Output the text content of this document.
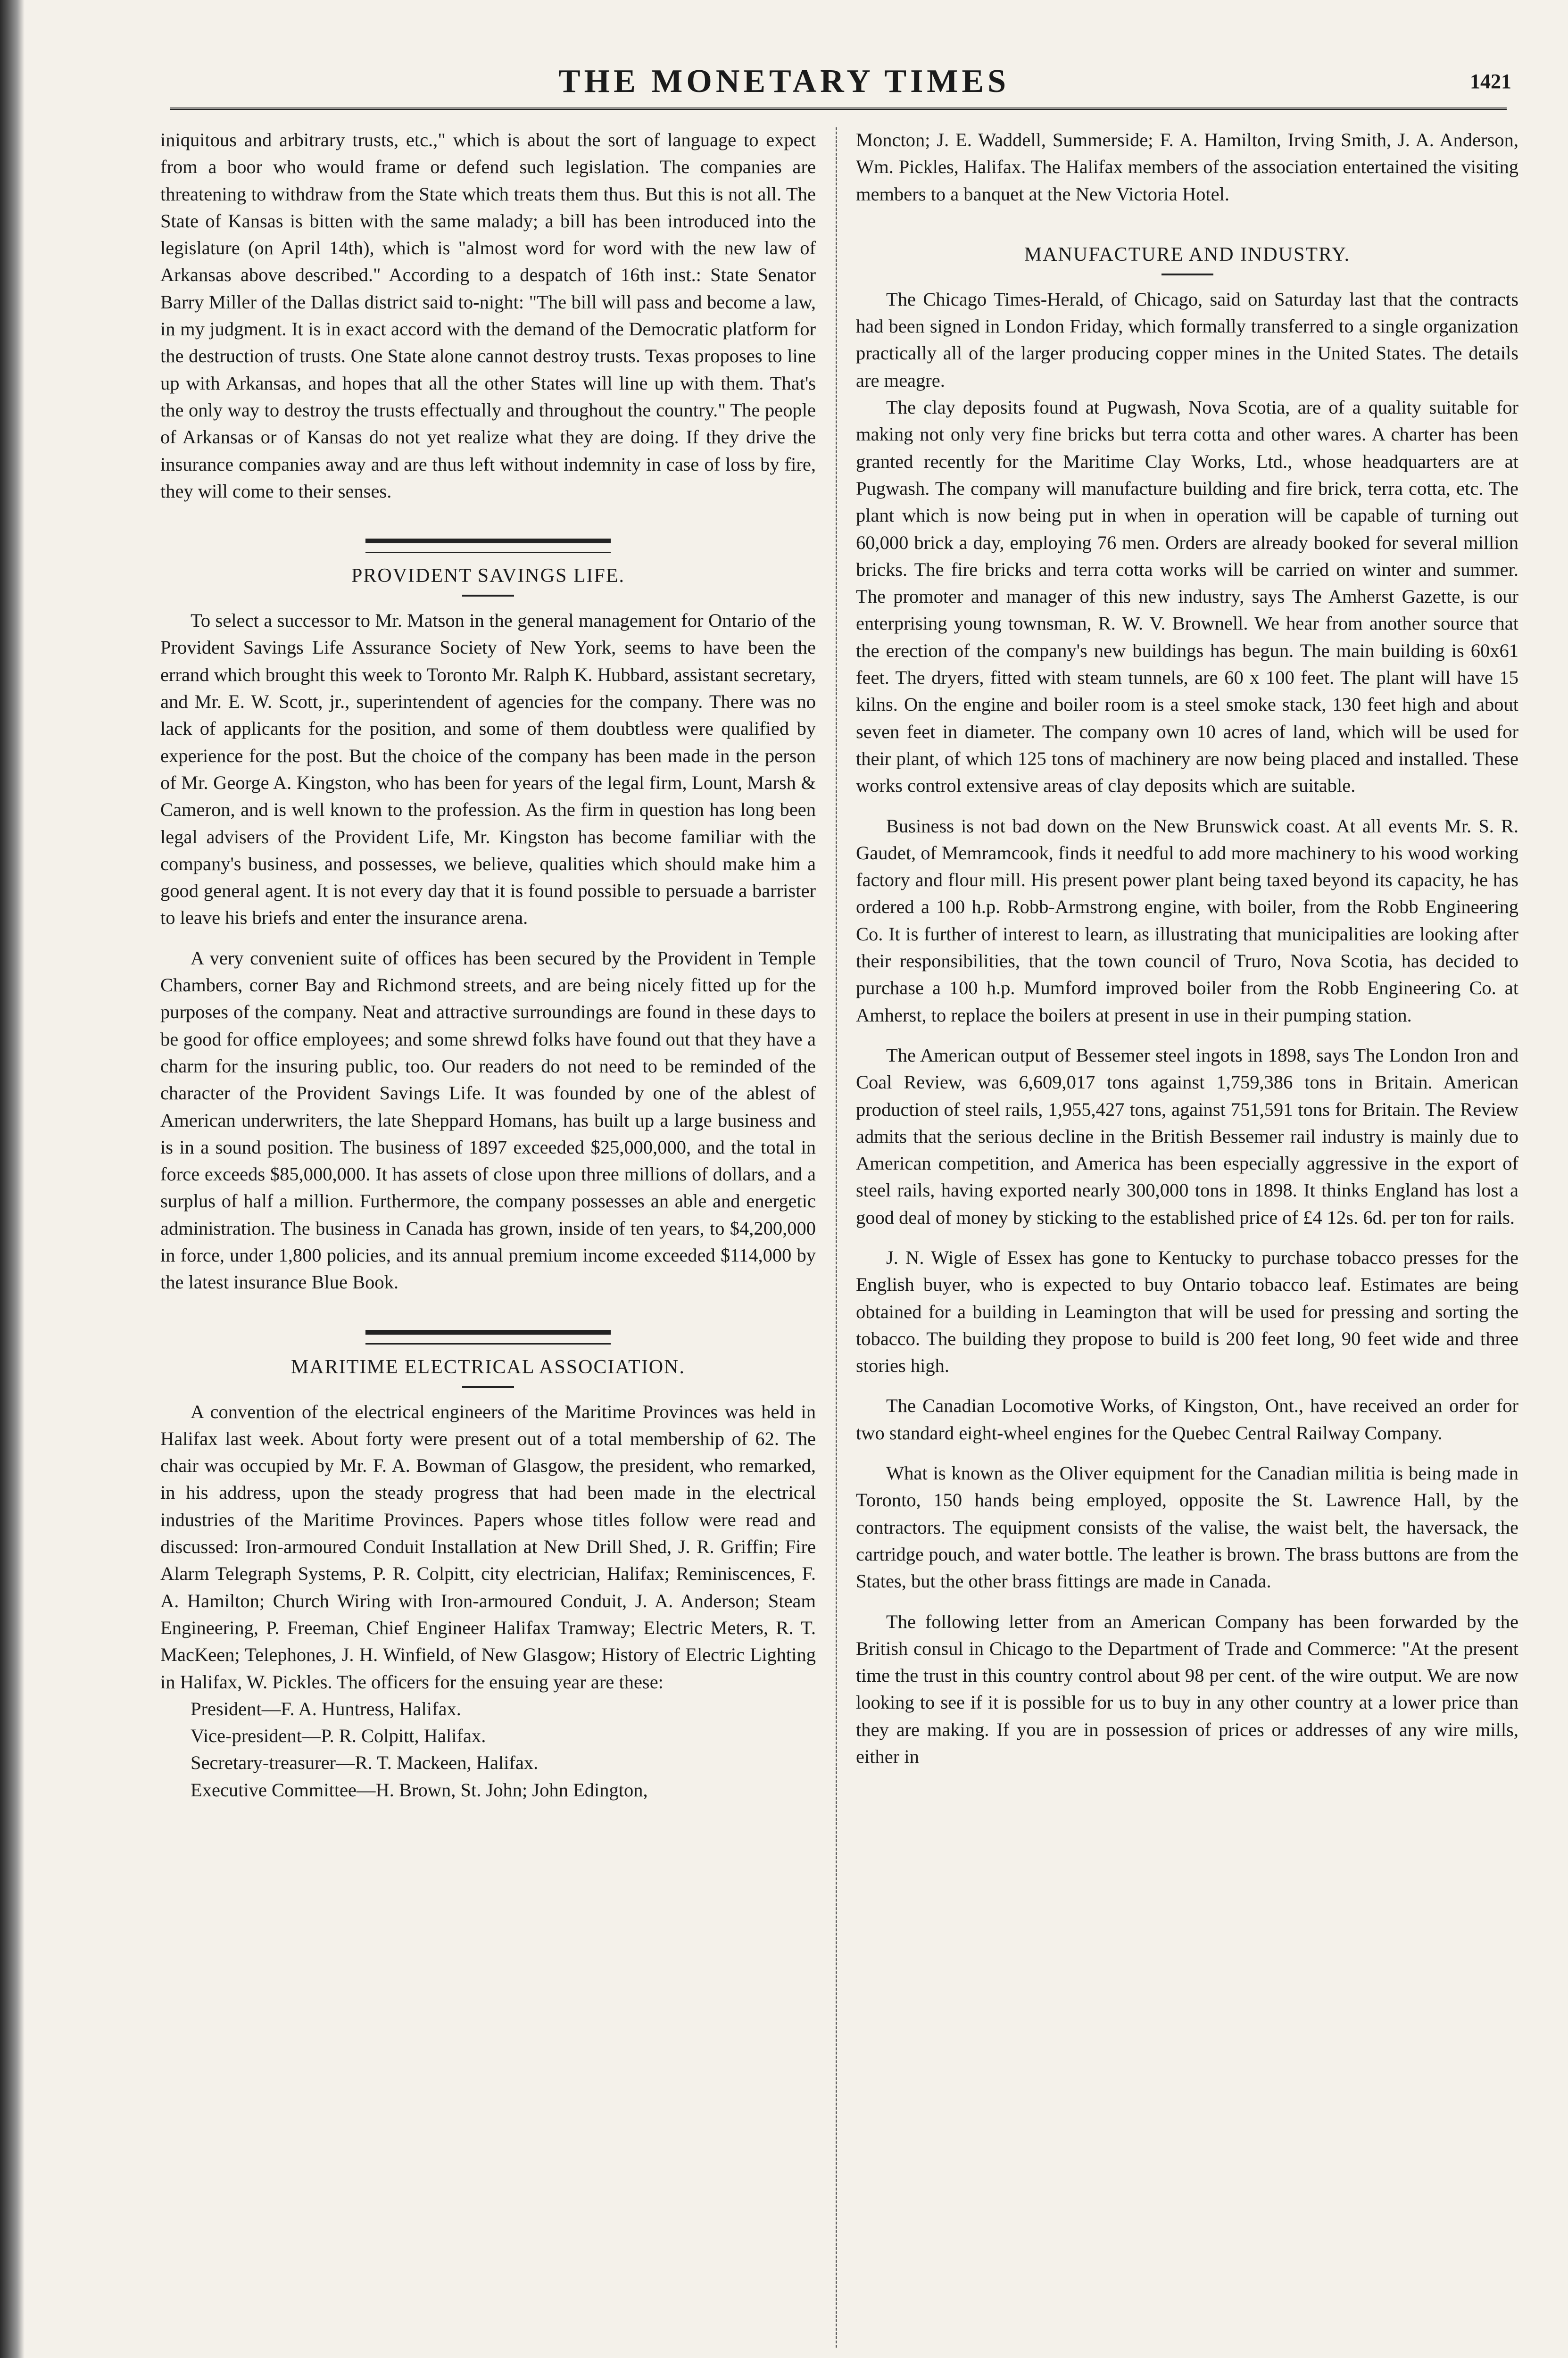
THE MONETARY TIMES	1421

iniquitous and arbitrary trusts, etc.," which is about the sort of language to expect from a boor who would frame or defend such legislation. The companies are threatening to withdraw from the State which treats them thus. But this is not all. The State of Kansas is bitten with the same malady; a bill has been introduced into the legislature (on April 14th), which is "almost word for word with the new law of Arkansas above described." According to a despatch of 16th inst.: State Senator Barry Miller of the Dallas district said to-night: "The bill will pass and become a law, in my judgment. It is in exact accord with the demand of the Democratic platform for the destruction of trusts. One State alone cannot destroy trusts. Texas proposes to line up with Arkansas, and hopes that all the other States will line up with them. That's the only way to destroy the trusts effectually and throughout the country." The people of Arkansas or of Kansas do not yet realize what they are doing. If they drive the insurance companies away and are thus left without indemnity in case of loss by fire, they will come to their senses.

PROVIDENT SAVINGS LIFE.

To select a successor to Mr. Matson in the general management for Ontario of the Provident Savings Life Assurance Society of New York, seems to have been the errand which brought this week to Toronto Mr. Ralph K. Hubbard, assistant secretary, and Mr. E. W. Scott, jr., superintendent of agencies for the company. There was no lack of applicants for the position, and some of them doubtless were qualified by experience for the post. But the choice of the company has been made in the person of Mr. George A. Kingston, who has been for years of the legal firm, Lount, Marsh & Cameron, and is well known to the profession. As the firm in question has long been legal advisers of the Provident Life, Mr. Kingston has become familiar with the company's business, and possesses, we believe, qualities which should make him a good general agent. It is not every day that it is found possible to persuade a barrister to leave his briefs and enter the insurance arena.

A very convenient suite of offices has been secured by the Provident in Temple Chambers, corner Bay and Richmond streets, and are being nicely fitted up for the purposes of the company. Neat and attractive surroundings are found in these days to be good for office employees; and some shrewd folks have found out that they have a charm for the insuring public, too. Our readers do not need to be reminded of the character of the Provident Savings Life. It was founded by one of the ablest of American underwriters, the late Sheppard Homans, has built up a large business and is in a sound position. The business of 1897 exceeded $25,000,000, and the total in force exceeds $85,000,000. It has assets of close upon three millions of dollars, and a surplus of half a million. Furthermore, the company possesses an able and energetic administration. The business in Canada has grown, inside of ten years, to $4,200,000 in force, under 1,800 policies, and its annual premium income exceeded $114,000 by the latest insurance Blue Book.

MARITIME ELECTRICAL ASSOCIATION.

A convention of the electrical engineers of the Maritime Provinces was held in Halifax last week. About forty were present out of a total membership of 62. The chair was occupied by Mr. F. A. Bowman of Glasgow, the president, who remarked, in his address, upon the steady progress that had been made in the electrical industries of the Maritime Provinces. Papers whose titles follow were read and discussed: Iron-armoured Conduit Installation at New Drill Shed, J. R. Griffin; Fire Alarm Telegraph Systems, P. R. Colpitt, city electrician, Halifax; Reminiscences, F. A. Hamilton; Church Wiring with Iron-armoured Conduit, J. A. Anderson; Steam Engineering, P. Freeman, Chief Engineer Halifax Tramway; Electric Meters, R. T. MacKeen; Telephones, J. H. Winfield, of New Glasgow; History of Electric Lighting in Halifax, W. Pickles. The officers for the ensuing year are these:

President—F. A. Huntress, Halifax.

Vice-president—P. R. Colpitt, Halifax.

Secretary-treasurer—R. T. Mackeen, Halifax.

Executive Committee—H. Brown, St. John; John Edington,

Moncton; J. E. Waddell, Summerside; F. A. Hamilton, Irving Smith, J. A. Anderson, Wm. Pickles, Halifax. The Halifax members of the association entertained the visiting members to a banquet at the New Victoria Hotel.

MANUFACTURE AND INDUSTRY.

The Chicago Times-Herald, of Chicago, said on Saturday last that the contracts had been signed in London Friday, which formally transferred to a single organization practically all of the larger producing copper mines in the United States. The details are meagre.

The clay deposits found at Pugwash, Nova Scotia, are of a quality suitable for making not only very fine bricks but terra cotta and other wares. A charter has been granted recently for the Maritime Clay Works, Ltd., whose headquarters are at Pugwash. The company will manufacture building and fire brick, terra cotta, etc. The plant which is now being put in when in operation will be capable of turning out 60,000 brick a day, employing 76 men. Orders are already booked for several million bricks. The fire bricks and terra cotta works will be carried on winter and summer. The promoter and manager of this new industry, says The Amherst Gazette, is our enterprising young townsman, R. W. V. Brownell. We hear from another source that the erection of the company's new buildings has begun. The main building is 60x61 feet. The dryers, fitted with steam tunnels, are 60 x 100 feet. The plant will have 15 kilns. On the engine and boiler room is a steel smoke stack, 130 feet high and about seven feet in diameter. The company own 10 acres of land, which will be used for their plant, of which 125 tons of machinery are now being placed and installed. These works control extensive areas of clay deposits which are suitable.

Business is not bad down on the New Brunswick coast. At all events Mr. S. R. Gaudet, of Memramcook, finds it needful to add more machinery to his wood working factory and flour mill. His present power plant being taxed beyond its capacity, he has ordered a 100 h.p. Robb-Armstrong engine, with boiler, from the Robb Engineering Co. It is further of interest to learn, as illustrating that municipalities are looking after their responsibilities, that the town council of Truro, Nova Scotia, has decided to purchase a 100 h.p. Mumford improved boiler from the Robb Engineering Co. at Amherst, to replace the boilers at present in use in their pumping station.

The American output of Bessemer steel ingots in 1898, says The London Iron and Coal Review, was 6,609,017 tons against 1,759,386 tons in Britain. American production of steel rails, 1,955,427 tons, against 751,591 tons for Britain. The Review admits that the serious decline in the British Bessemer rail industry is mainly due to American competition, and America has been especially aggressive in the export of steel rails, having exported nearly 300,000 tons in 1898. It thinks England has lost a good deal of money by sticking to the established price of £4 12s. 6d. per ton for rails.

J. N. Wigle of Essex has gone to Kentucky to purchase tobacco presses for the English buyer, who is expected to buy Ontario tobacco leaf. Estimates are being obtained for a building in Leamington that will be used for pressing and sorting the tobacco. The building they propose to build is 200 feet long, 90 feet wide and three stories high.

The Canadian Locomotive Works, of Kingston, Ont., have received an order for two standard eight-wheel engines for the Quebec Central Railway Company.

What is known as the Oliver equipment for the Canadian militia is being made in Toronto, 150 hands being employed, opposite the St. Lawrence Hall, by the contractors. The equipment consists of the valise, the waist belt, the haversack, the cartridge pouch, and water bottle. The leather is brown. The brass buttons are from the States, but the other brass fittings are made in Canada.

The following letter from an American Company has been forwarded by the British consul in Chicago to the Department of Trade and Commerce: "At the present time the trust in this country control about 98 per cent. of the wire output. We are now looking to see if it is possible for us to buy in any other country at a lower price than they are making. If you are in possession of prices or addresses of any wire mills, either in
